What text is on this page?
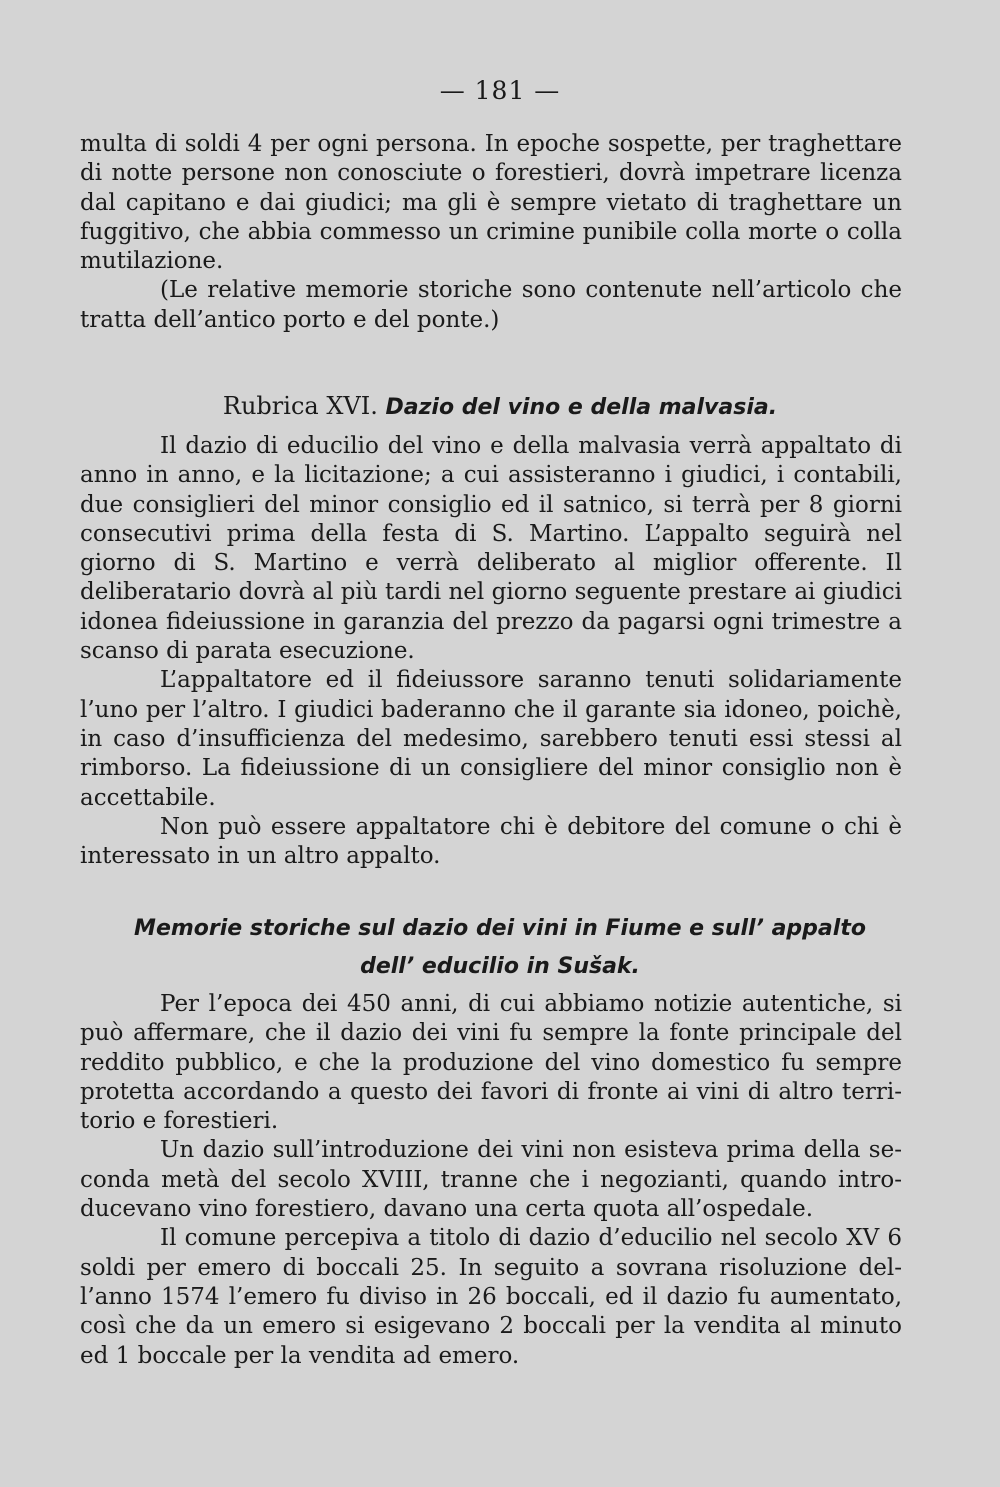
— 181 —

multa di soldi 4 per ogni persona. In epoche sospette, per traghettare di notte persone non conosciute o forestieri, dovrà impetrare licenza dal capitano e dai giudici; ma gli è sempre vietato di traghettare un fuggitivo, che abbia commesso un crimine punibile colla morte o colla mutilazione.

(Le relative memorie storiche sono contenute nell’articolo che tratta dell’antico porto e del ponte.)

Rubrica XVI. Dazio del vino e della malvasia.

Il dazio di educilio del vino e della malvasia verrà appaltato di anno in anno, e la licitazione; a cui assisteranno i giudici, i contabili, due consiglieri del minor consiglio ed il satnico, si terrà per 8 giorni consecutivi prima della festa di S. Martino. L’appalto seguirà nel giorno di S. Martino e verrà deliberato al miglior offerente. Il deliberatario dovrà al più tardi nel giorno seguente prestare ai giudici idonea fideiussione in garanzia del prezzo da pagarsi ogni trimestre a scanso di parata esecuzione.

L’appaltatore ed il fideiussore saranno tenuti solidariamente l’uno per l’altro. I giudici baderanno che il garante sia idoneo, poichè, in caso d’insufficienza del medesimo, sarebbero tenuti essi stessi al rimborso. La fideiussione di un consigliere del minor consiglio non è accettabile.

Non può essere appaltatore chi è debitore del comune o chi è interessato in un altro appalto.

Memorie storiche sul dazio dei vini in Fiume e sull’ appalto
dell’ educilio in Sušak.

Per l’epoca dei 450 anni, di cui abbiamo notizie autentiche, si può affermare, che il dazio dei vini fu sempre la fonte principale del reddito pubblico, e che la produzione del vino domestico fu sempre protetta accordando a questo dei favori di fronte ai vini di altro territorio e forestieri.

Un dazio sull’introduzione dei vini non esisteva prima della seconda metà del secolo XVIII, tranne che i negozianti, quando introducevano vino forestiero, davano una certa quota all’ospedale.

Il comune percepiva a titolo di dazio d’educilio nel secolo XV 6 soldi per emero di boccali 25. In seguito a sovrana risoluzione dell’anno 1574 l’emero fu diviso in 26 boccali, ed il dazio fu aumentato, così che da un emero si esigevano 2 boccali per la vendita al minuto ed 1 boccale per la vendita ad emero.
